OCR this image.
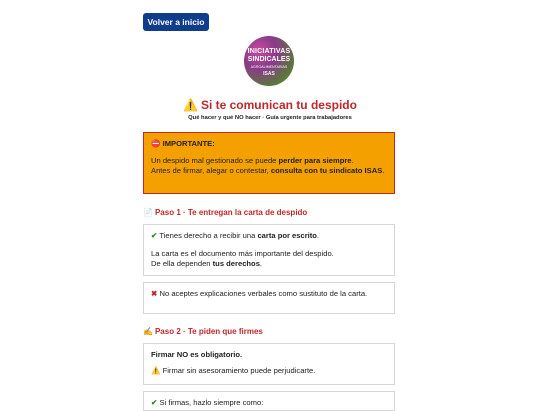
Volver a inicio
INICIATIVAS
SINDICALES
AGROALIMENTARIAS
ISAS
⚠️ Si te comunican tu despido
Qué hacer y qué NO hacer · Guía urgente para trabajadores
⛔ IMPORTANTE:
Un despido mal gestionado se puede perder para siempre.
Antes de firmar, alegar o contestar, consulta con tu sindicato ISAS.
📄 Paso 1 · Te entregan la carta de despido

✔ Tienes derecho a recibir una carta por escrito.

La carta es el documento más importante del despido.

De ella dependen tus derechos.

✖ No aceptes explicaciones verbales como sustituto de la carta.

✍️ Paso 2 · Te piden que firmes

Firmar NO es obligatorio.

⚠️ Firmar sin asesoramiento puede perjudicarte.

✔ Si firmas, hazlo siempre como:
